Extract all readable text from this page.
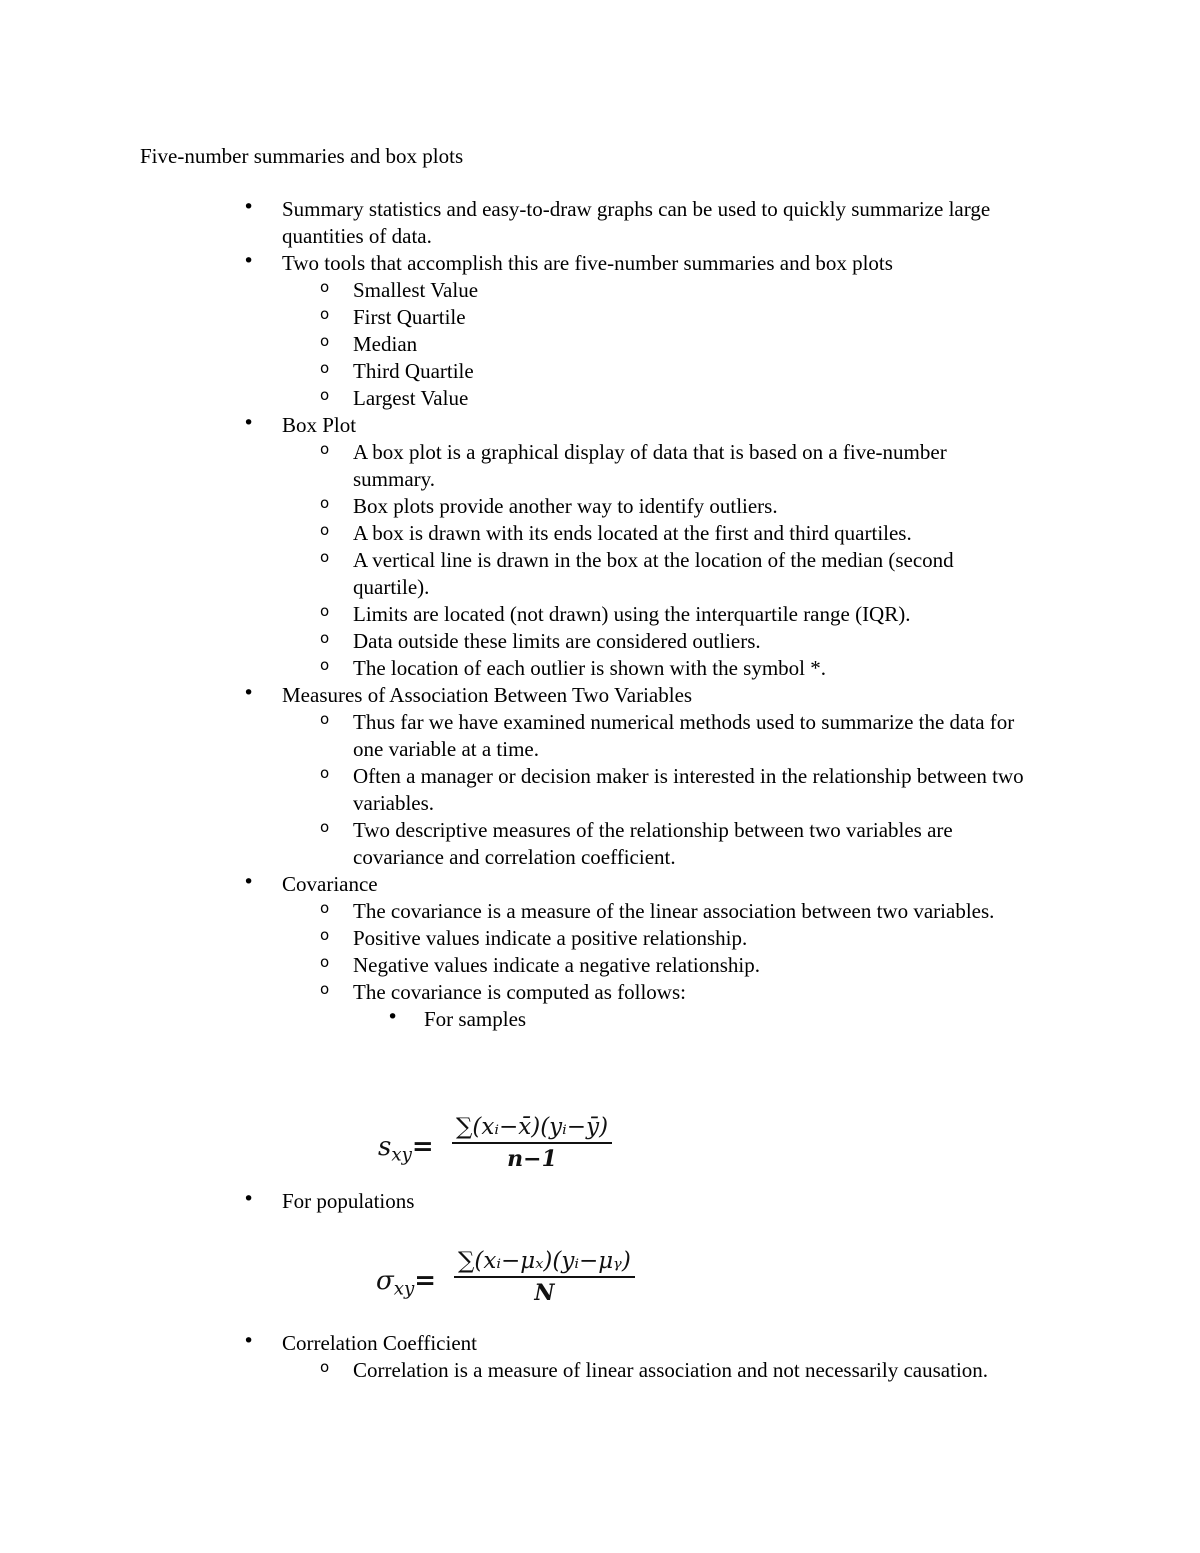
Five-number summaries and box plots
• Summary statistics and easy-to-draw graphs can be used to quickly summarize large quantities of data.
• Two tools that accomplish this are five-number summaries and box plots
o Smallest Value
o First Quartile
o Median
o Third Quartile
o Largest Value
• Box Plot
o A box plot is a graphical display of data that is based on a five-number summary.
o Box plots provide another way to identify outliers.
o A box is drawn with its ends located at the first and third quartiles.
o A vertical line is drawn in the box at the location of the median (second quartile).
o Limits are located (not drawn) using the interquartile range (IQR).
o Data outside these limits are considered outliers.
o The location of each outlier is shown with the symbol *.
• Measures of Association Between Two Variables
o Thus far we have examined numerical methods used to summarize the data for one variable at a time.
o Often a manager or decision maker is interested in the relationship between two variables.
o Two descriptive measures of the relationship between two variables are covariance and correlation coefficient.
• Covariance
o The covariance is a measure of the linear association between two variables.
o Positive values indicate a positive relationship.
o Negative values indicate a negative relationship.
o The covariance is computed as follows:
• For samples
$s_{xy}= \frac{\text{∑(xᵢ−x̄)(yᵢ−ȳ)}}{n-1}$
• For populations
$\sigma_{xy}= \frac{\text{∑(xᵢ−μₓ)(yᵢ−μᵧ)}}{N}$
• Correlation Coefficient
o Correlation is a measure of linear association and not necessarily causation.
